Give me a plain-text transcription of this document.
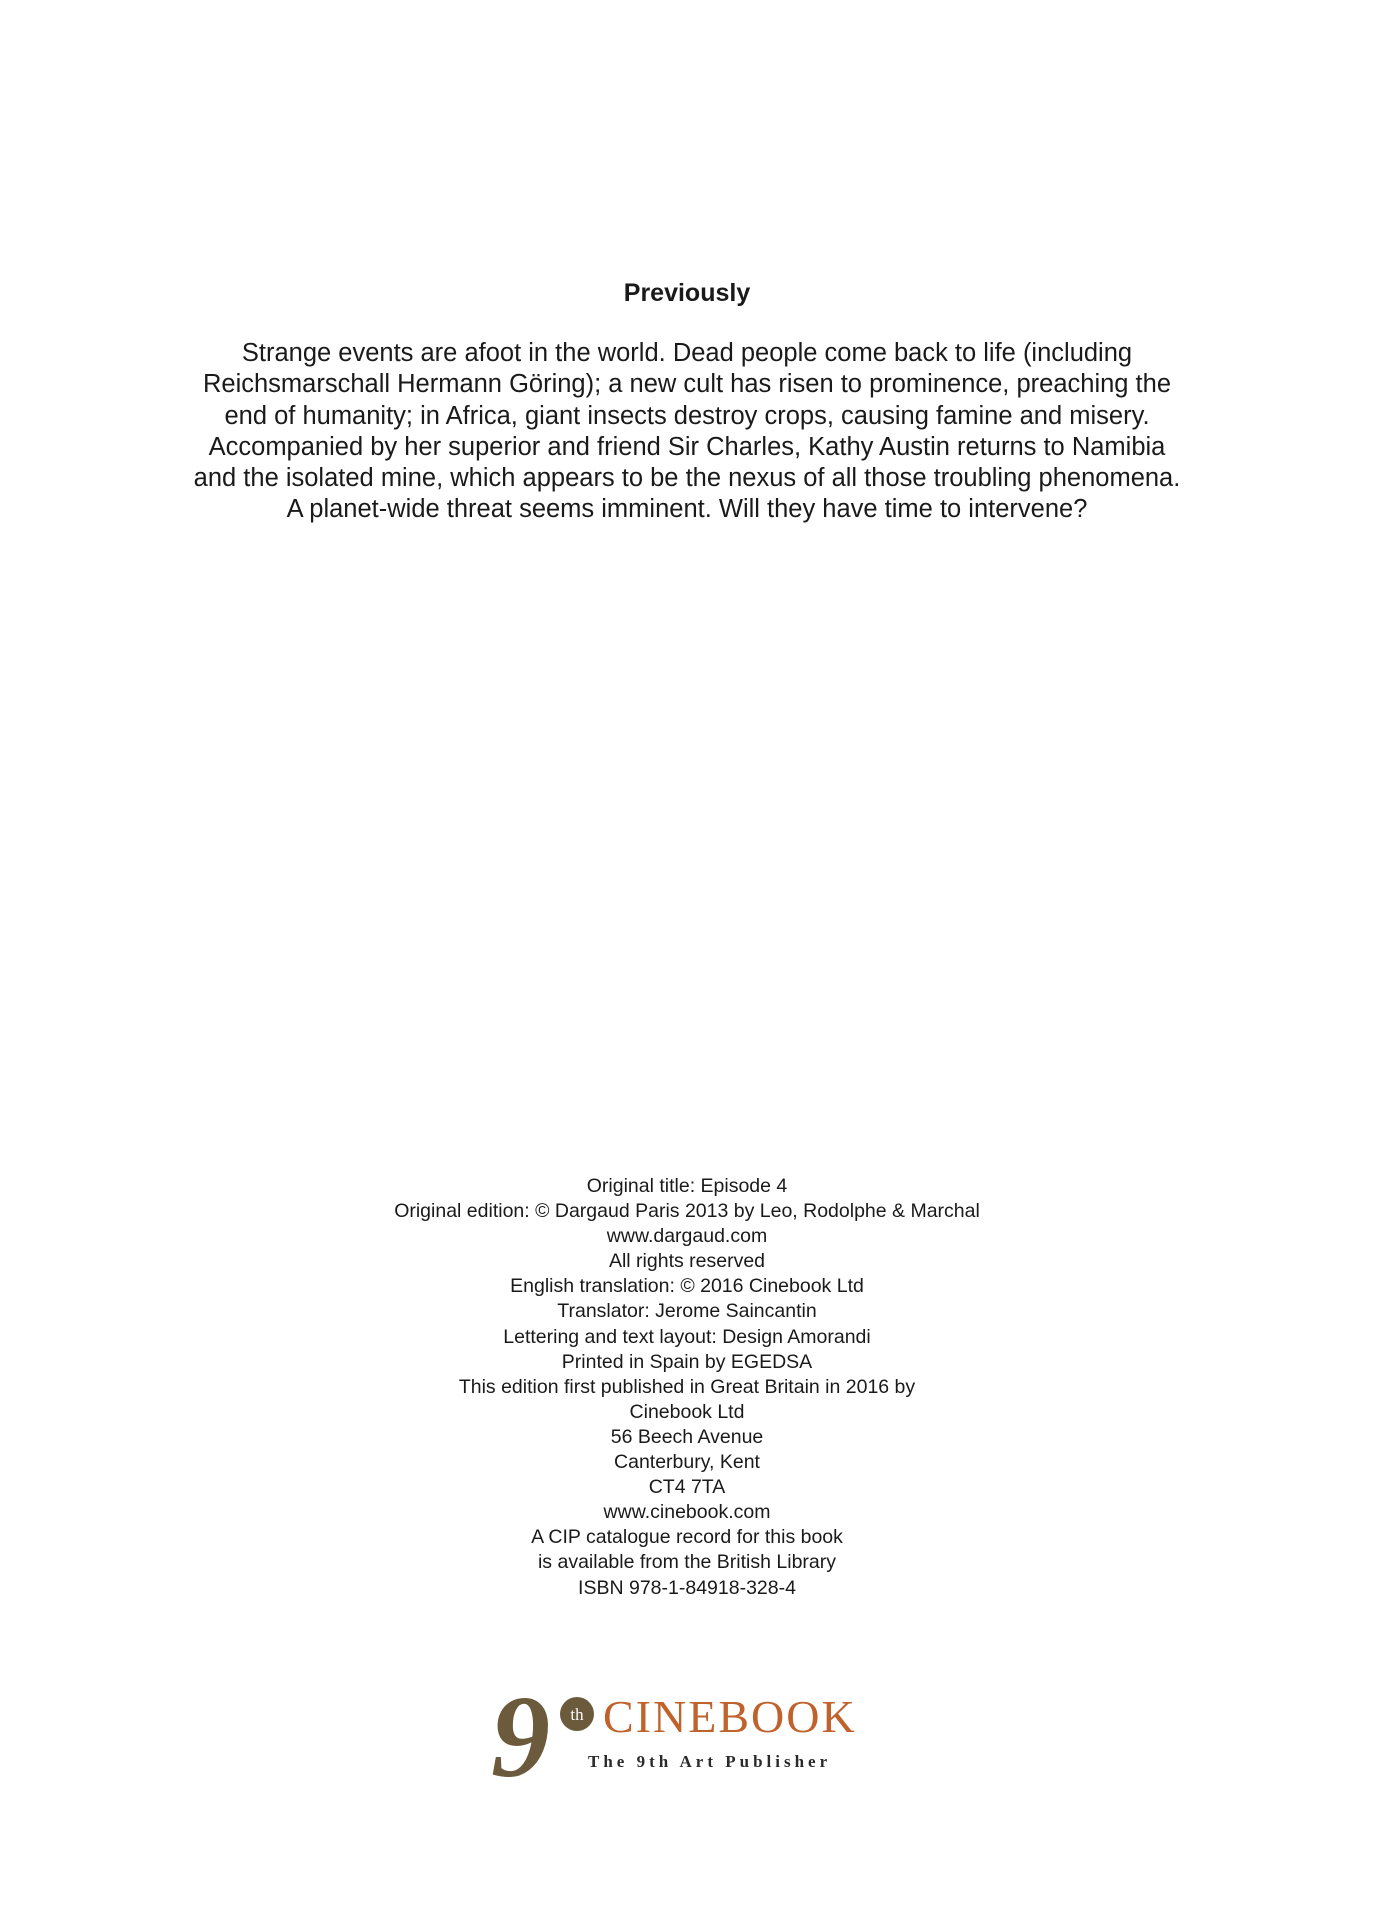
Previously

Strange events are afoot in the world. Dead people come back to life (including
Reichsmarschall Hermann Göring); a new cult has risen to prominence, preaching the
end of humanity; in Africa, giant insects destroy crops, causing famine and misery.
Accompanied by her superior and friend Sir Charles, Kathy Austin returns to Namibia
and the isolated mine, which appears to be the nexus of all those troubling phenomena.
A planet-wide threat seems imminent. Will they have time to intervene?

Original title: Episode 4
Original edition: © Dargaud Paris 2013 by Leo, Rodolphe & Marchal
www.dargaud.com
All rights reserved
English translation: © 2016 Cinebook Ltd
Translator: Jerome Saincantin
Lettering and text layout: Design Amorandi
Printed in Spain by EGEDSA
This edition first published in Great Britain in 2016 by
Cinebook Ltd
56 Beech Avenue
Canterbury, Kent
CT4 7TA
www.cinebook.com
A CIP catalogue record for this book
is available from the British Library
ISBN 978-1-84918-328-4
9 th CINEBOOK
The 9th Art Publisher
